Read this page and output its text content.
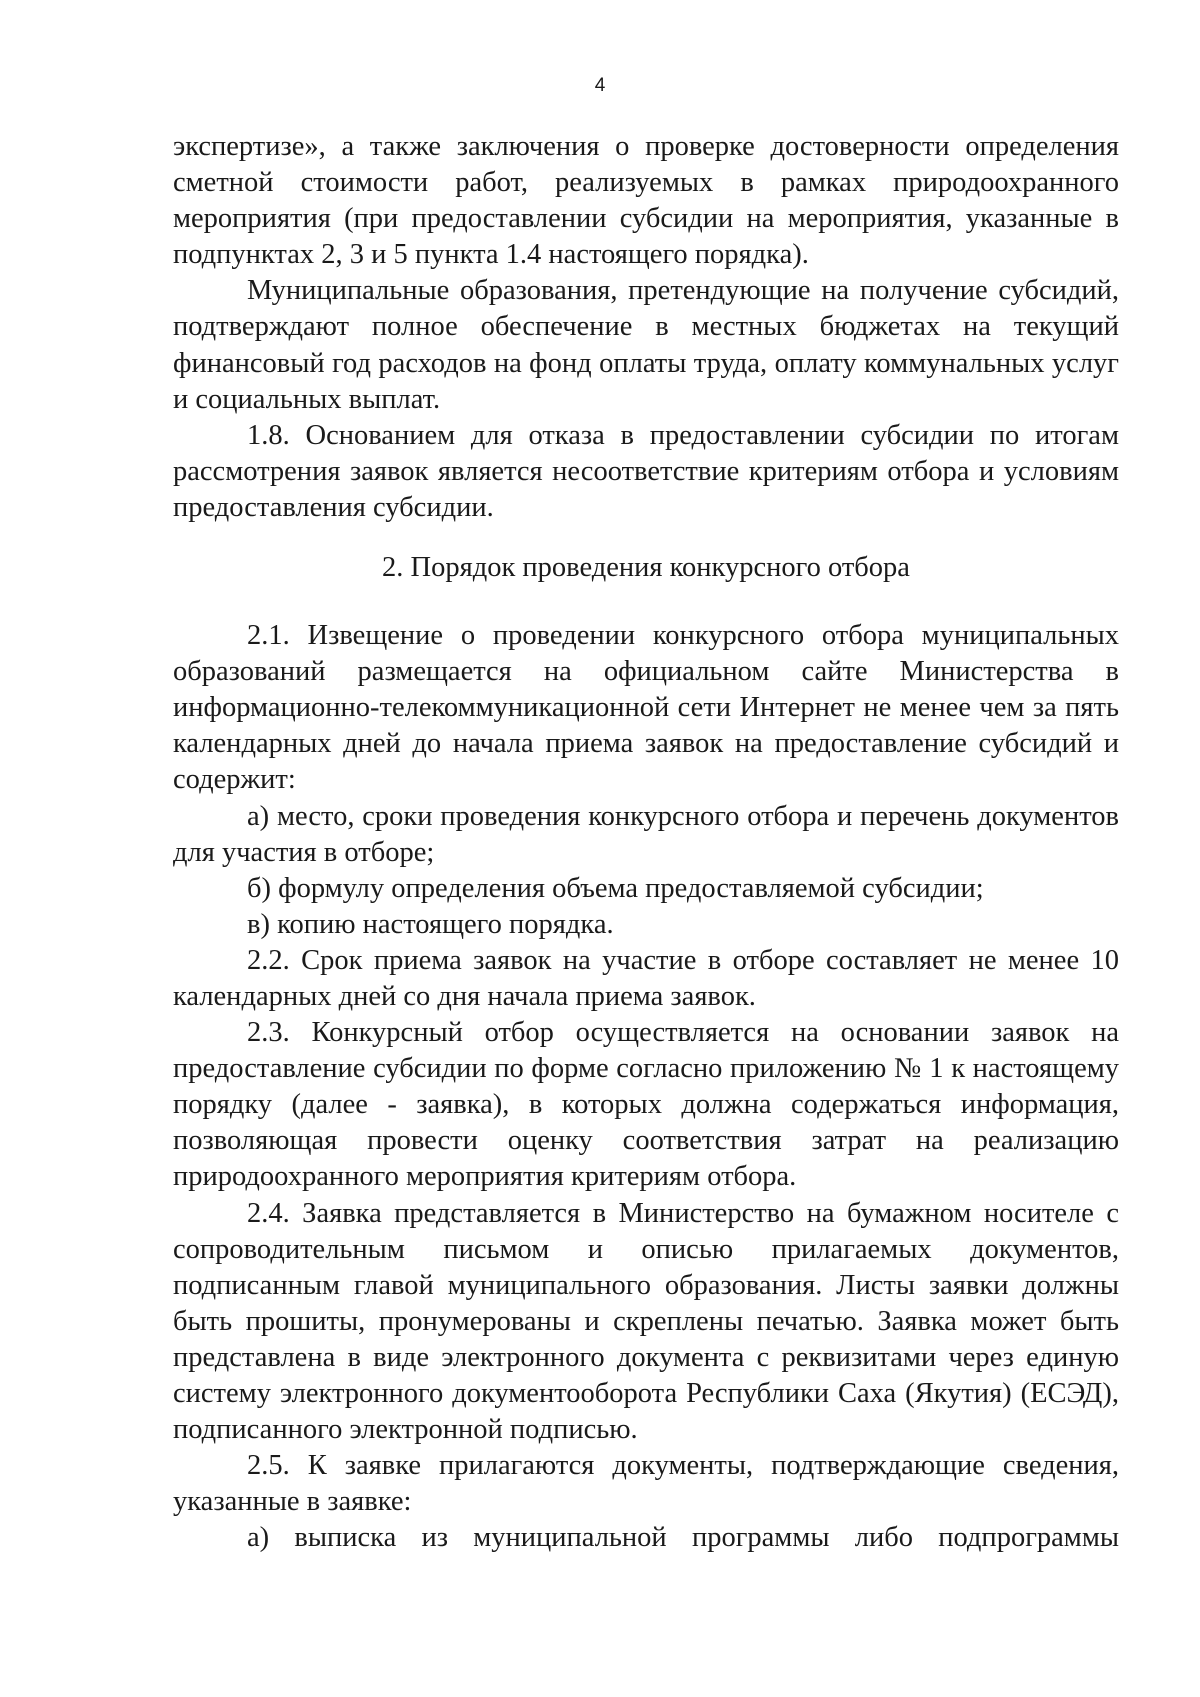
4

экспертизе», а также заключения о проверке достоверности определения сметной стоимости работ, реализуемых в рамках природоохранного мероприятия (при предоставлении субсидии на мероприятия, указанные в подпунктах 2, 3 и 5 пункта 1.4 настоящего порядка).

Муниципальные образования, претендующие на получение субсидий, подтверждают полное обеспечение в местных бюджетах на текущий финансовый год расходов на фонд оплаты труда, оплату коммунальных услуг и социальных выплат.

1.8. Основанием для отказа в предоставлении субсидии по итогам рассмотрения заявок является несоответствие критериям отбора и условиям предоставления субсидии.

2. Порядок проведения конкурсного отбора

2.1. Извещение о проведении конкурсного отбора муниципальных образований размещается на официальном сайте Министерства в информационно-телекоммуникационной сети Интернет не менее чем за пять календарных дней до начала приема заявок на предоставление субсидий и содержит:

а) место, сроки проведения конкурсного отбора и перечень документов для участия в отборе;

б) формулу определения объема предоставляемой субсидии;

в) копию настоящего порядка.

2.2. Срок приема заявок на участие в отборе составляет не менее 10 календарных дней со дня начала приема заявок.

2.3. Конкурсный отбор осуществляется на основании заявок на предоставление субсидии по форме согласно приложению № 1 к настоящему порядку (далее - заявка), в которых должна содержаться информация, позволяющая провести оценку соответствия затрат на реализацию природоохранного мероприятия критериям отбора.

2.4. Заявка представляется в Министерство на бумажном носителе с сопроводительным письмом и описью прилагаемых документов, подписанным главой муниципального образования. Листы заявки должны быть прошиты, пронумерованы и скреплены печатью. Заявка может быть представлена в виде электронного документа с реквизитами через единую систему электронного документооборота Республики Саха (Якутия) (ЕСЭД), подписанного электронной подписью.

2.5. К заявке прилагаются документы, подтверждающие сведения, указанные в заявке:

а) выписка из муниципальной программы либо подпрограммы
